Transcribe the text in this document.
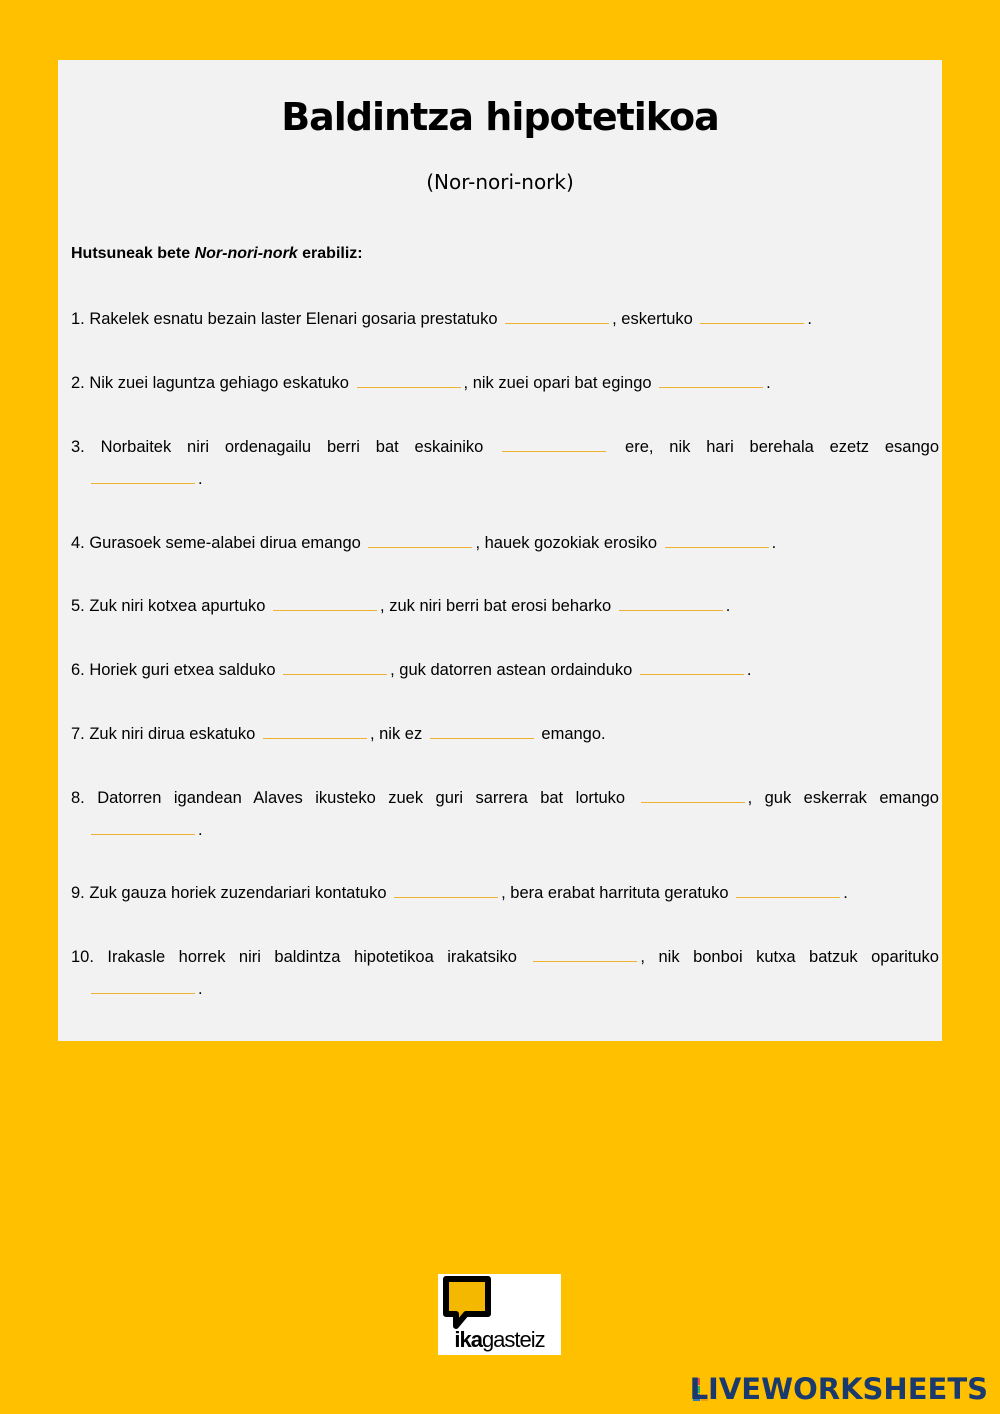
Baldintza hipotetikoa
(Nor-nori-nork)
Hutsuneak bete Nor-nori-nork erabiliz:
1. Rakelek esnatu bezain laster Elenari gosaria prestatuko	, eskertuko	.
2. Nik zuei laguntza gehiago eskatuko	, nik zuei opari bat egingo	.
3. Norbaitek niri ordenagailu berri bat eskainiko	ere, nik hari berehala ezetz esango
.
4. Gurasoek seme-alabei dirua emango	, hauek gozokiak erosiko	.
5. Zuk niri kotxea apurtuko	, zuk niri berri bat erosi beharko	.
6. Horiek guri etxea salduko	, guk datorren astean ordainduko	.
7. Zuk niri dirua eskatuko	, nik ez	emango.
8. Datorren igandean Alaves ikusteko zuek guri sarrera bat lortuko	, guk eskerrak emango
.
9. Zuk gauza horiek zuzendariari kontatuko	, bera erabat harrituta geratuko	.
10. Irakasle horrek niri baldintza hipotetikoa irakatsiko	, nik bonboi kutxa batzuk oparituko
.
ikagasteiz
LIVEWORKSHEETS
